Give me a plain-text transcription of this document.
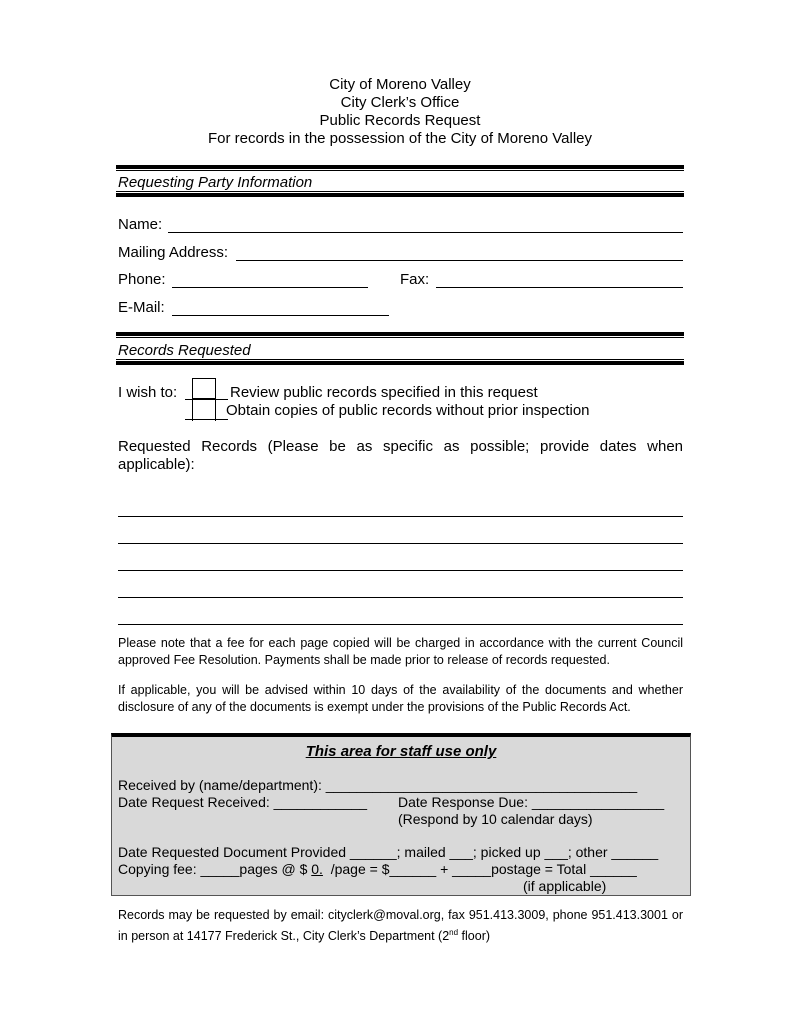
City of Moreno Valley
City Clerk’s Office
Public Records Request
For records in the possession of the City of Moreno Valley
Requesting Party Information
Name:
Mailing Address:
Phone:	Fax:
E-Mail:
Records Requested
I wish to:	Review public records specified in this request
Obtain copies of public records without prior inspection
Requested Records (Please be as specific as possible; provide dates when applicable):
Please note that a fee for each page copied will be charged in accordance with the current Council approved Fee Resolution. Payments shall be made prior to release of records requested.
If applicable, you will be advised within 10 days of the availability of the documents and whether disclosure of any of the documents is exempt under the provisions of the Public Records Act.
This area for staff use only
Received by (name/department): ________________________________________
Date Request Received: ____________ Date Response Due: _________________
(Respond by 10 calendar days)
Date Requested Document Provided ______; mailed ___; picked up ___; other ______
Copying fee: _____pages @ $ 0.  /page = $______ + _____postage = Total ______
(if applicable)
Records may be requested by email: cityclerk@moval.org, fax 951.413.3009, phone 951.413.3001 or in person at 14177 Frederick St., City Clerk’s Department (2nd floor)
